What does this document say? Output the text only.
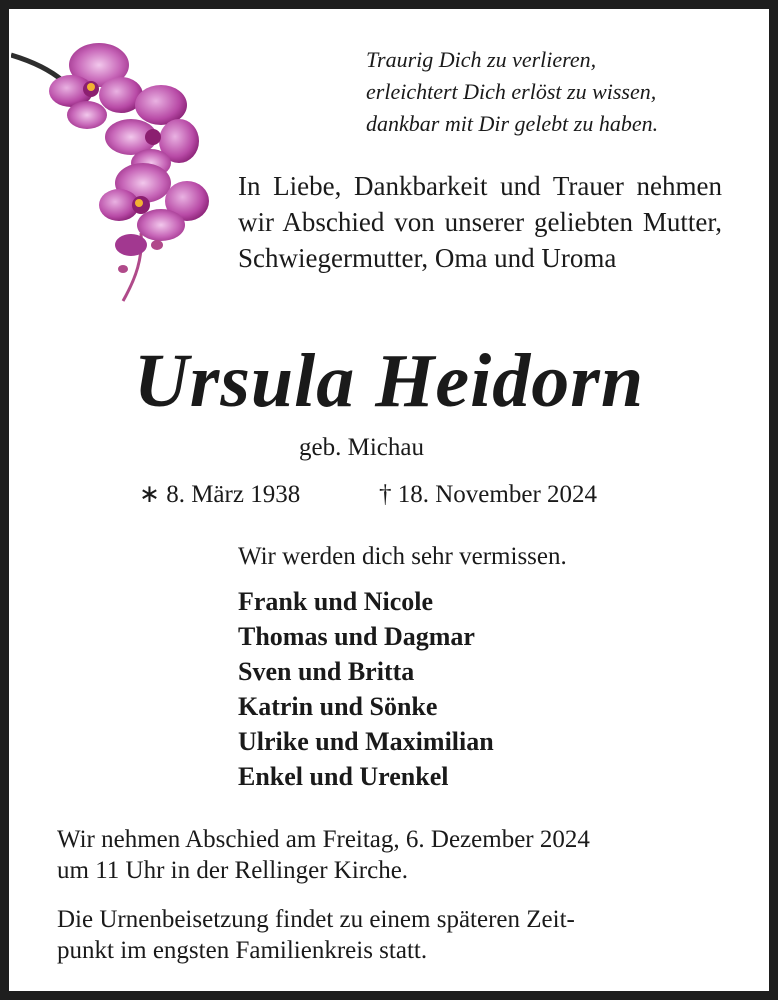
Traurig Dich zu verlieren,
erleichtert Dich erlöst zu wissen,
dankbar mit Dir gelebt zu haben.
In Liebe, Dankbarkeit und Trauer nehmen wir Abschied von unserer geliebten Mutter, Schwiegermutter, Oma und Uroma
Ursula Heidorn
geb. Michau
∗ 8. März 1938	† 18. November 2024
Wir werden dich sehr vermissen.
Frank und Nicole
Thomas und Dagmar
Sven und Britta
Katrin und Sönke
Ulrike und Maximilian
Enkel und Urenkel
Wir nehmen Abschied am Freitag, 6. Dezember 2024
um 11 Uhr in der Rellinger Kirche.
Die Urnenbeisetzung findet zu einem späteren Zeit-
punkt im engsten Familienkreis statt.
